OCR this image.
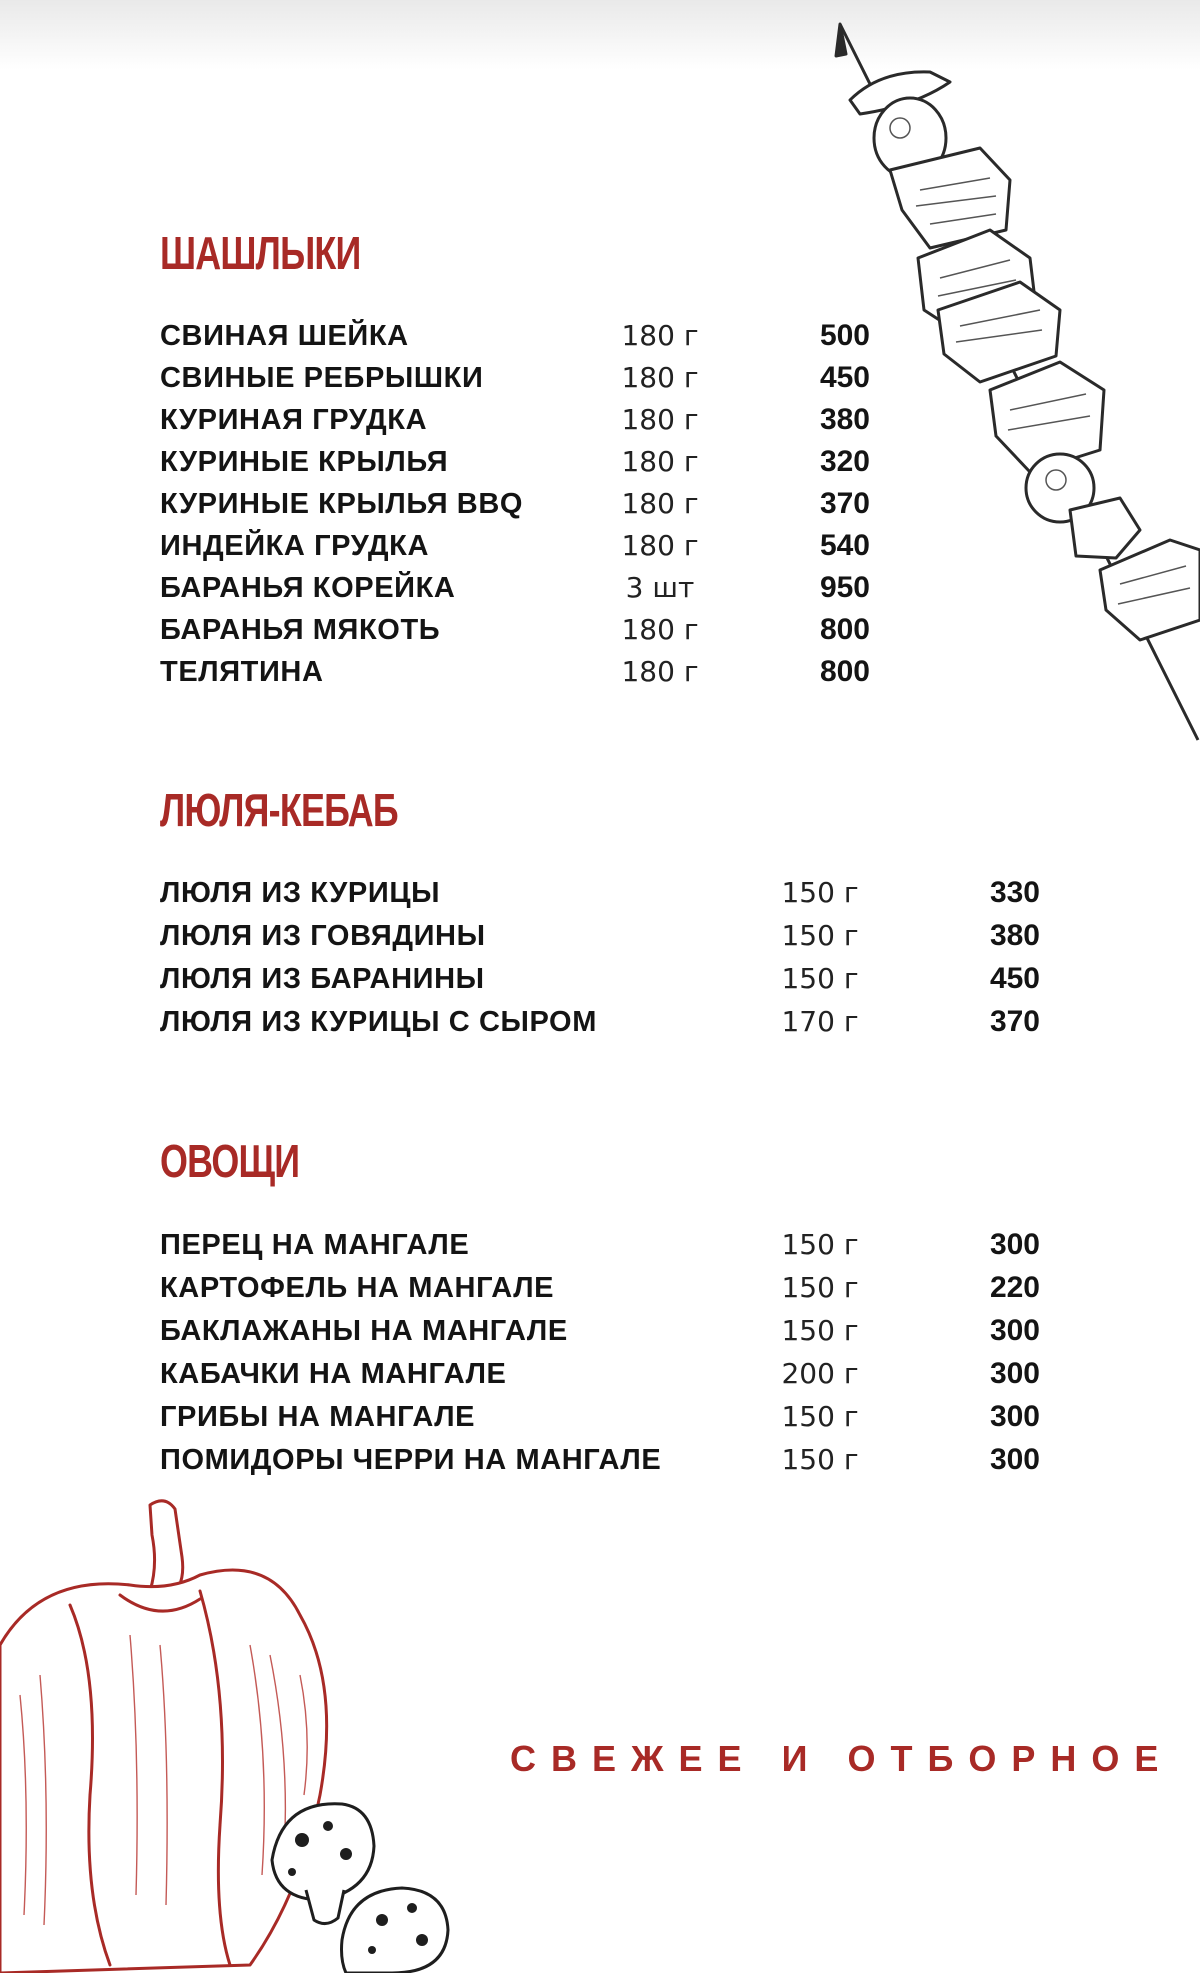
ШАШЛЫКИ
СВИНАЯ ШЕЙКА	180 г	500
СВИНЫЕ РЕБРЫШКИ	180 г	450
КУРИНАЯ ГРУДКА	180 г	380
КУРИНЫЕ КРЫЛЬЯ	180 г	320
КУРИНЫЕ КРЫЛЬЯ BBQ	180 г	370
ИНДЕЙКА ГРУДКА	180 г	540
БАРАНЬЯ КОРЕЙКА	3 шт	950
БАРАНЬЯ МЯКОТЬ	180 г	800
ТЕЛЯТИНА	180 г	800
ЛЮЛЯ-КЕБАБ
ЛЮЛЯ ИЗ КУРИЦЫ	150 г	330
ЛЮЛЯ ИЗ ГОВЯДИНЫ	150 г	380
ЛЮЛЯ ИЗ БАРАНИНЫ	150 г	450
ЛЮЛЯ ИЗ КУРИЦЫ С СЫРОМ	170 г	370
ОВОЩИ
ПЕРЕЦ НА МАНГАЛЕ	150 г	300
КАРТОФЕЛЬ НА МАНГАЛЕ	150 г	220
БАКЛАЖАНЫ НА МАНГАЛЕ	150 г	300
КАБАЧКИ НА МАНГАЛЕ	200 г	300
ГРИБЫ НА МАНГАЛЕ	150 г	300
ПОМИДОРЫ ЧЕРРИ НА МАНГАЛЕ	150 г	300
СВЕЖЕЕ И ОТБОРНОЕ
